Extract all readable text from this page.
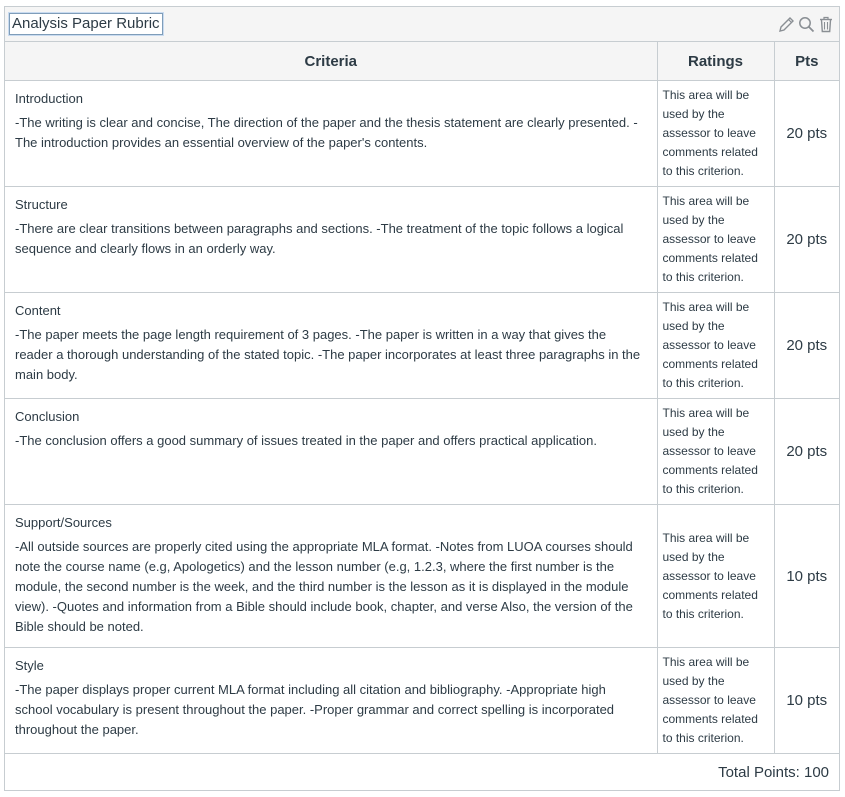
Analysis Paper Rubric
Criteria	Ratings	Pts

Introduction
-The writing is clear and concise, The direction of the paper and the thesis statement are clearly presented. -The introduction provides an essential overview of the paper's contents.	This area will be used by the assessor to leave comments related to this criterion.	20 pts

Structure
-There are clear transitions between paragraphs and sections. -The treatment of the topic follows a logical sequence and clearly flows in an orderly way.	This area will be used by the assessor to leave comments related to this criterion.	20 pts

Content
-The paper meets the page length requirement of 3 pages. -The paper is written in a way that gives the reader a thorough understanding of the stated topic. -The paper incorporates at least three paragraphs in the main body.	This area will be used by the assessor to leave comments related to this criterion.	20 pts

Conclusion
-The conclusion offers a good summary of issues treated in the paper and offers practical application.	This area will be used by the assessor to leave comments related to this criterion.	20 pts

Support/Sources
-All outside sources are properly cited using the appropriate MLA format. -Notes from LUOA courses should note the course name (e.g, Apologetics) and the lesson number (e.g, 1.2.3, where the first number is the module, the second number is the week, and the third number is the lesson as it is displayed in the module view). -Quotes and information from a Bible should include book, chapter, and verse Also, the version of the Bible should be noted.	This area will be used by the assessor to leave comments related to this criterion.	10 pts

Style
-The paper displays proper current MLA format including all citation and bibliography. -Appropriate high school vocabulary is present throughout the paper. -Proper grammar and correct spelling is incorporated throughout the paper.	This area will be used by the assessor to leave comments related to this criterion.	10 pts
Total Points: 100
